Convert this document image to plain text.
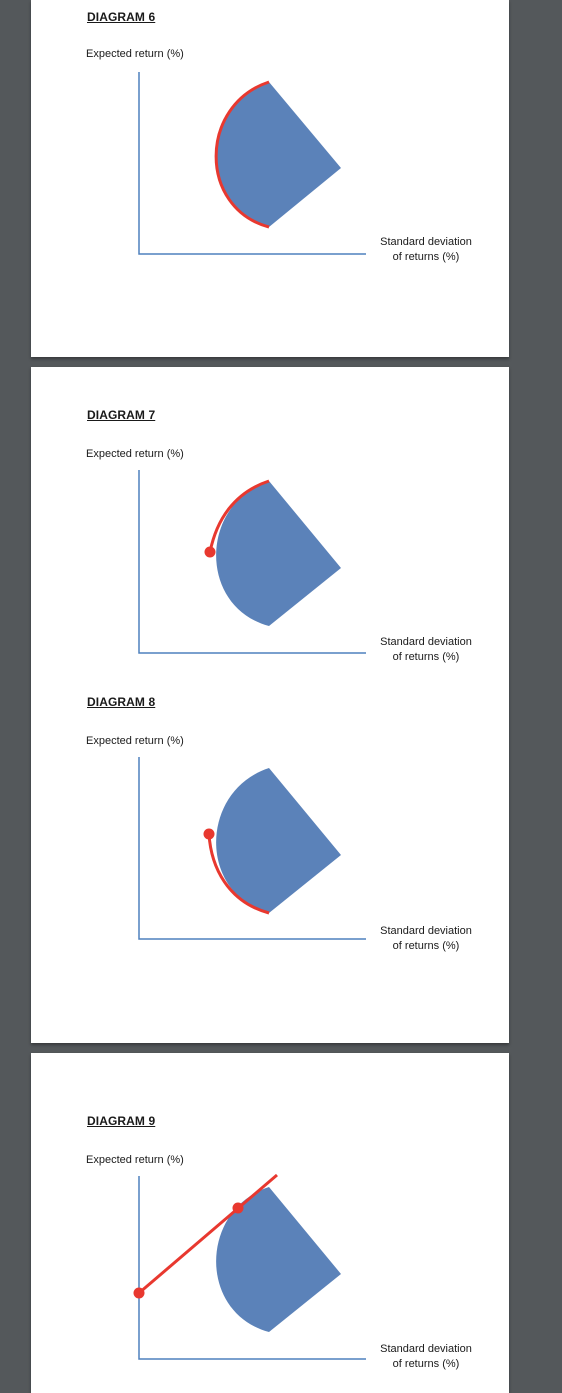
DIAGRAM 6
Expected return (%)
Standard deviation
of returns (%)
DIAGRAM 7
Expected return (%)
Standard deviation
of returns (%)
DIAGRAM 8
Expected return (%)
Standard deviation
of returns (%)
DIAGRAM 9
Expected return (%)
Standard deviation
of returns (%)
